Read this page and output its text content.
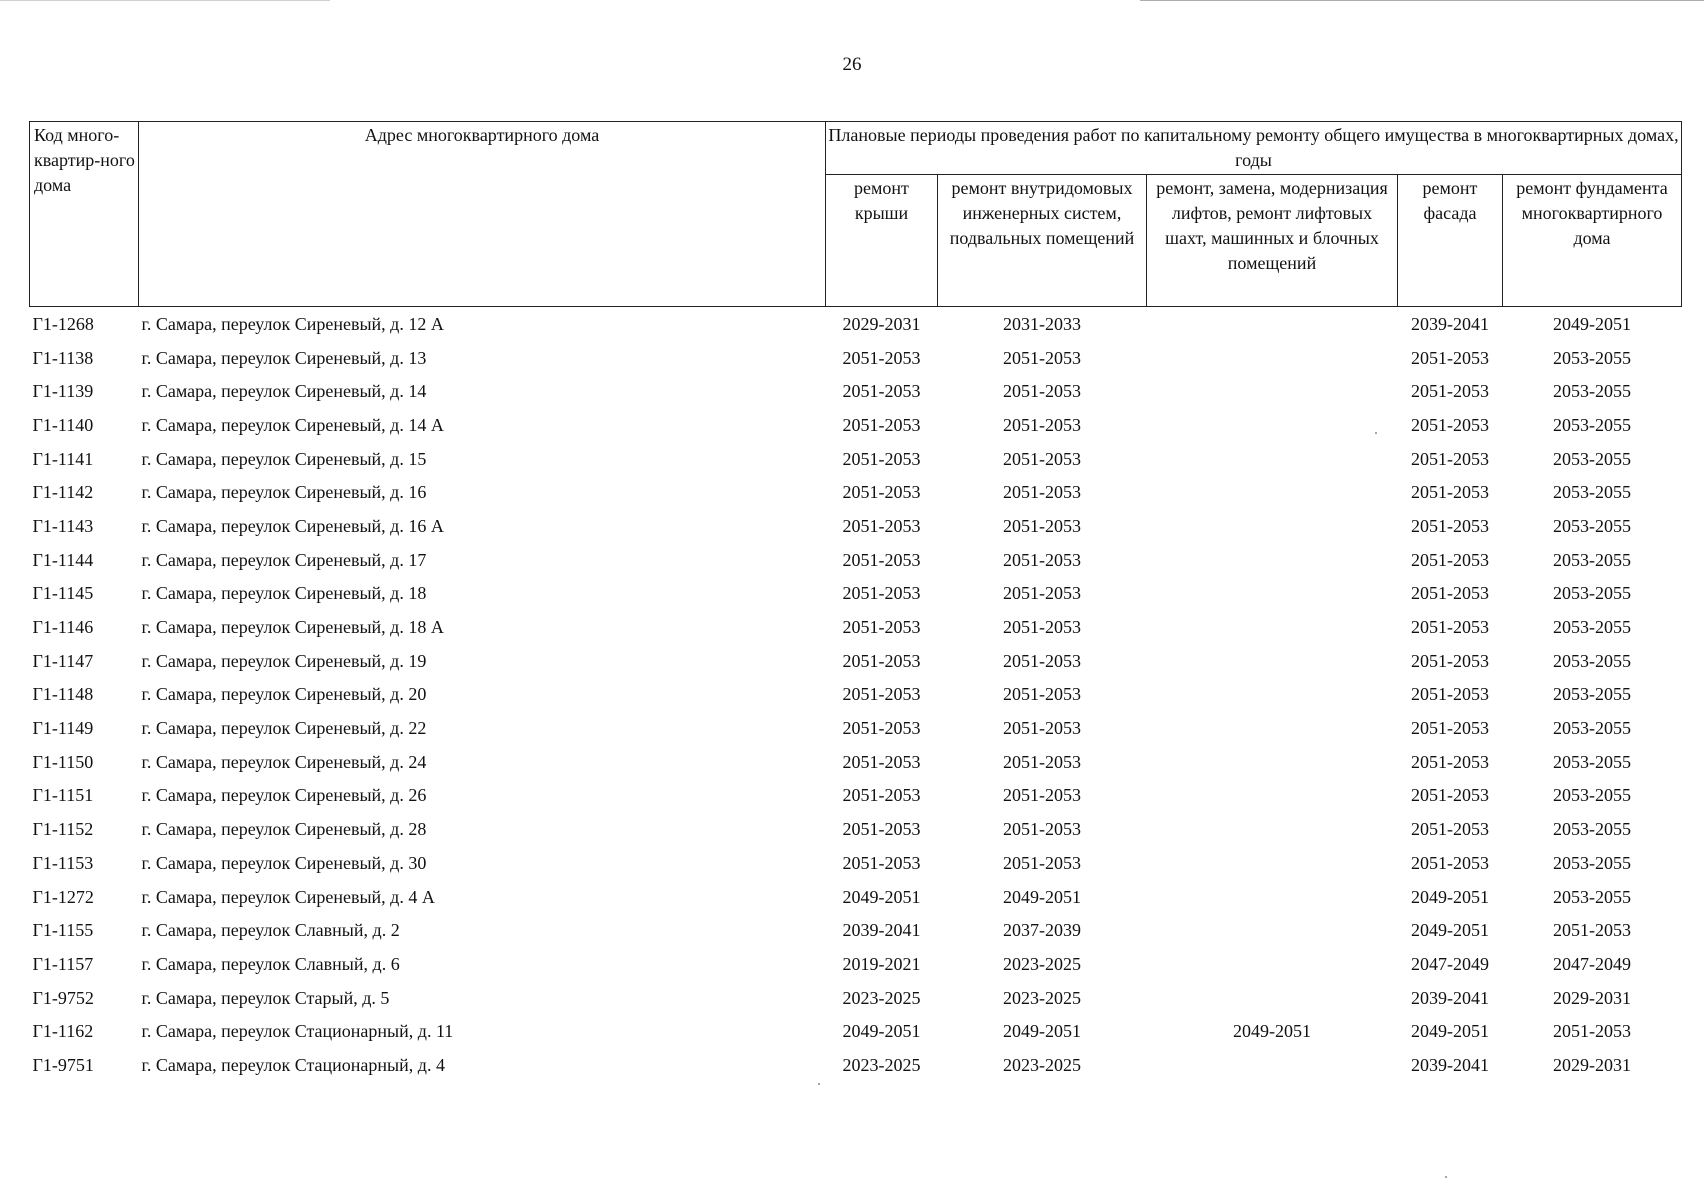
26
Код много-квартир-ного дома	Адрес многоквартирного дома	Плановые периоды проведения работ по капитальному ремонту общего имущества в многоквартирных домах, годы				
		ремонт крыши	ремонт внутридомовых инженерных систем, подвальных помещений	ремонт, замена, модернизация лифтов, ремонт лифтовых шахт, машинных и блочных помещений	ремонт фасада	ремонт фундамента многоквартирного дома
Г1-1268	г. Самара, переулок Сиреневый, д. 12 А	2029-2031	2031-2033		2039-2041	2049-2051
Г1-1138	г. Самара, переулок Сиреневый, д. 13	2051-2053	2051-2053		2051-2053	2053-2055
Г1-1139	г. Самара, переулок Сиреневый, д. 14	2051-2053	2051-2053		2051-2053	2053-2055
Г1-1140	г. Самара, переулок Сиреневый, д. 14 А	2051-2053	2051-2053		2051-2053	2053-2055
Г1-1141	г. Самара, переулок Сиреневый, д. 15	2051-2053	2051-2053		2051-2053	2053-2055
Г1-1142	г. Самара, переулок Сиреневый, д. 16	2051-2053	2051-2053		2051-2053	2053-2055
Г1-1143	г. Самара, переулок Сиреневый, д. 16 А	2051-2053	2051-2053		2051-2053	2053-2055
Г1-1144	г. Самара, переулок Сиреневый, д. 17	2051-2053	2051-2053		2051-2053	2053-2055
Г1-1145	г. Самара, переулок Сиреневый, д. 18	2051-2053	2051-2053		2051-2053	2053-2055
Г1-1146	г. Самара, переулок Сиреневый, д. 18 А	2051-2053	2051-2053		2051-2053	2053-2055
Г1-1147	г. Самара, переулок Сиреневый, д. 19	2051-2053	2051-2053		2051-2053	2053-2055
Г1-1148	г. Самара, переулок Сиреневый, д. 20	2051-2053	2051-2053		2051-2053	2053-2055
Г1-1149	г. Самара, переулок Сиреневый, д. 22	2051-2053	2051-2053		2051-2053	2053-2055
Г1-1150	г. Самара, переулок Сиреневый, д. 24	2051-2053	2051-2053		2051-2053	2053-2055
Г1-1151	г. Самара, переулок Сиреневый, д. 26	2051-2053	2051-2053		2051-2053	2053-2055
Г1-1152	г. Самара, переулок Сиреневый, д. 28	2051-2053	2051-2053		2051-2053	2053-2055
Г1-1153	г. Самара, переулок Сиреневый, д. 30	2051-2053	2051-2053		2051-2053	2053-2055
Г1-1272	г. Самара, переулок Сиреневый, д. 4 А	2049-2051	2049-2051		2049-2051	2053-2055
Г1-1155	г. Самара, переулок Славный, д. 2	2039-2041	2037-2039		2049-2051	2051-2053
Г1-1157	г. Самара, переулок Славный, д. 6	2019-2021	2023-2025		2047-2049	2047-2049
Г1-9752	г. Самара, переулок Старый, д. 5	2023-2025	2023-2025		2039-2041	2029-2031
Г1-1162	г. Самара, переулок Стационарный, д. 11	2049-2051	2049-2051	2049-2051	2049-2051	2051-2053
Г1-9751	г. Самара, переулок Стационарный, д. 4	2023-2025	2023-2025		2039-2041	2029-2031
